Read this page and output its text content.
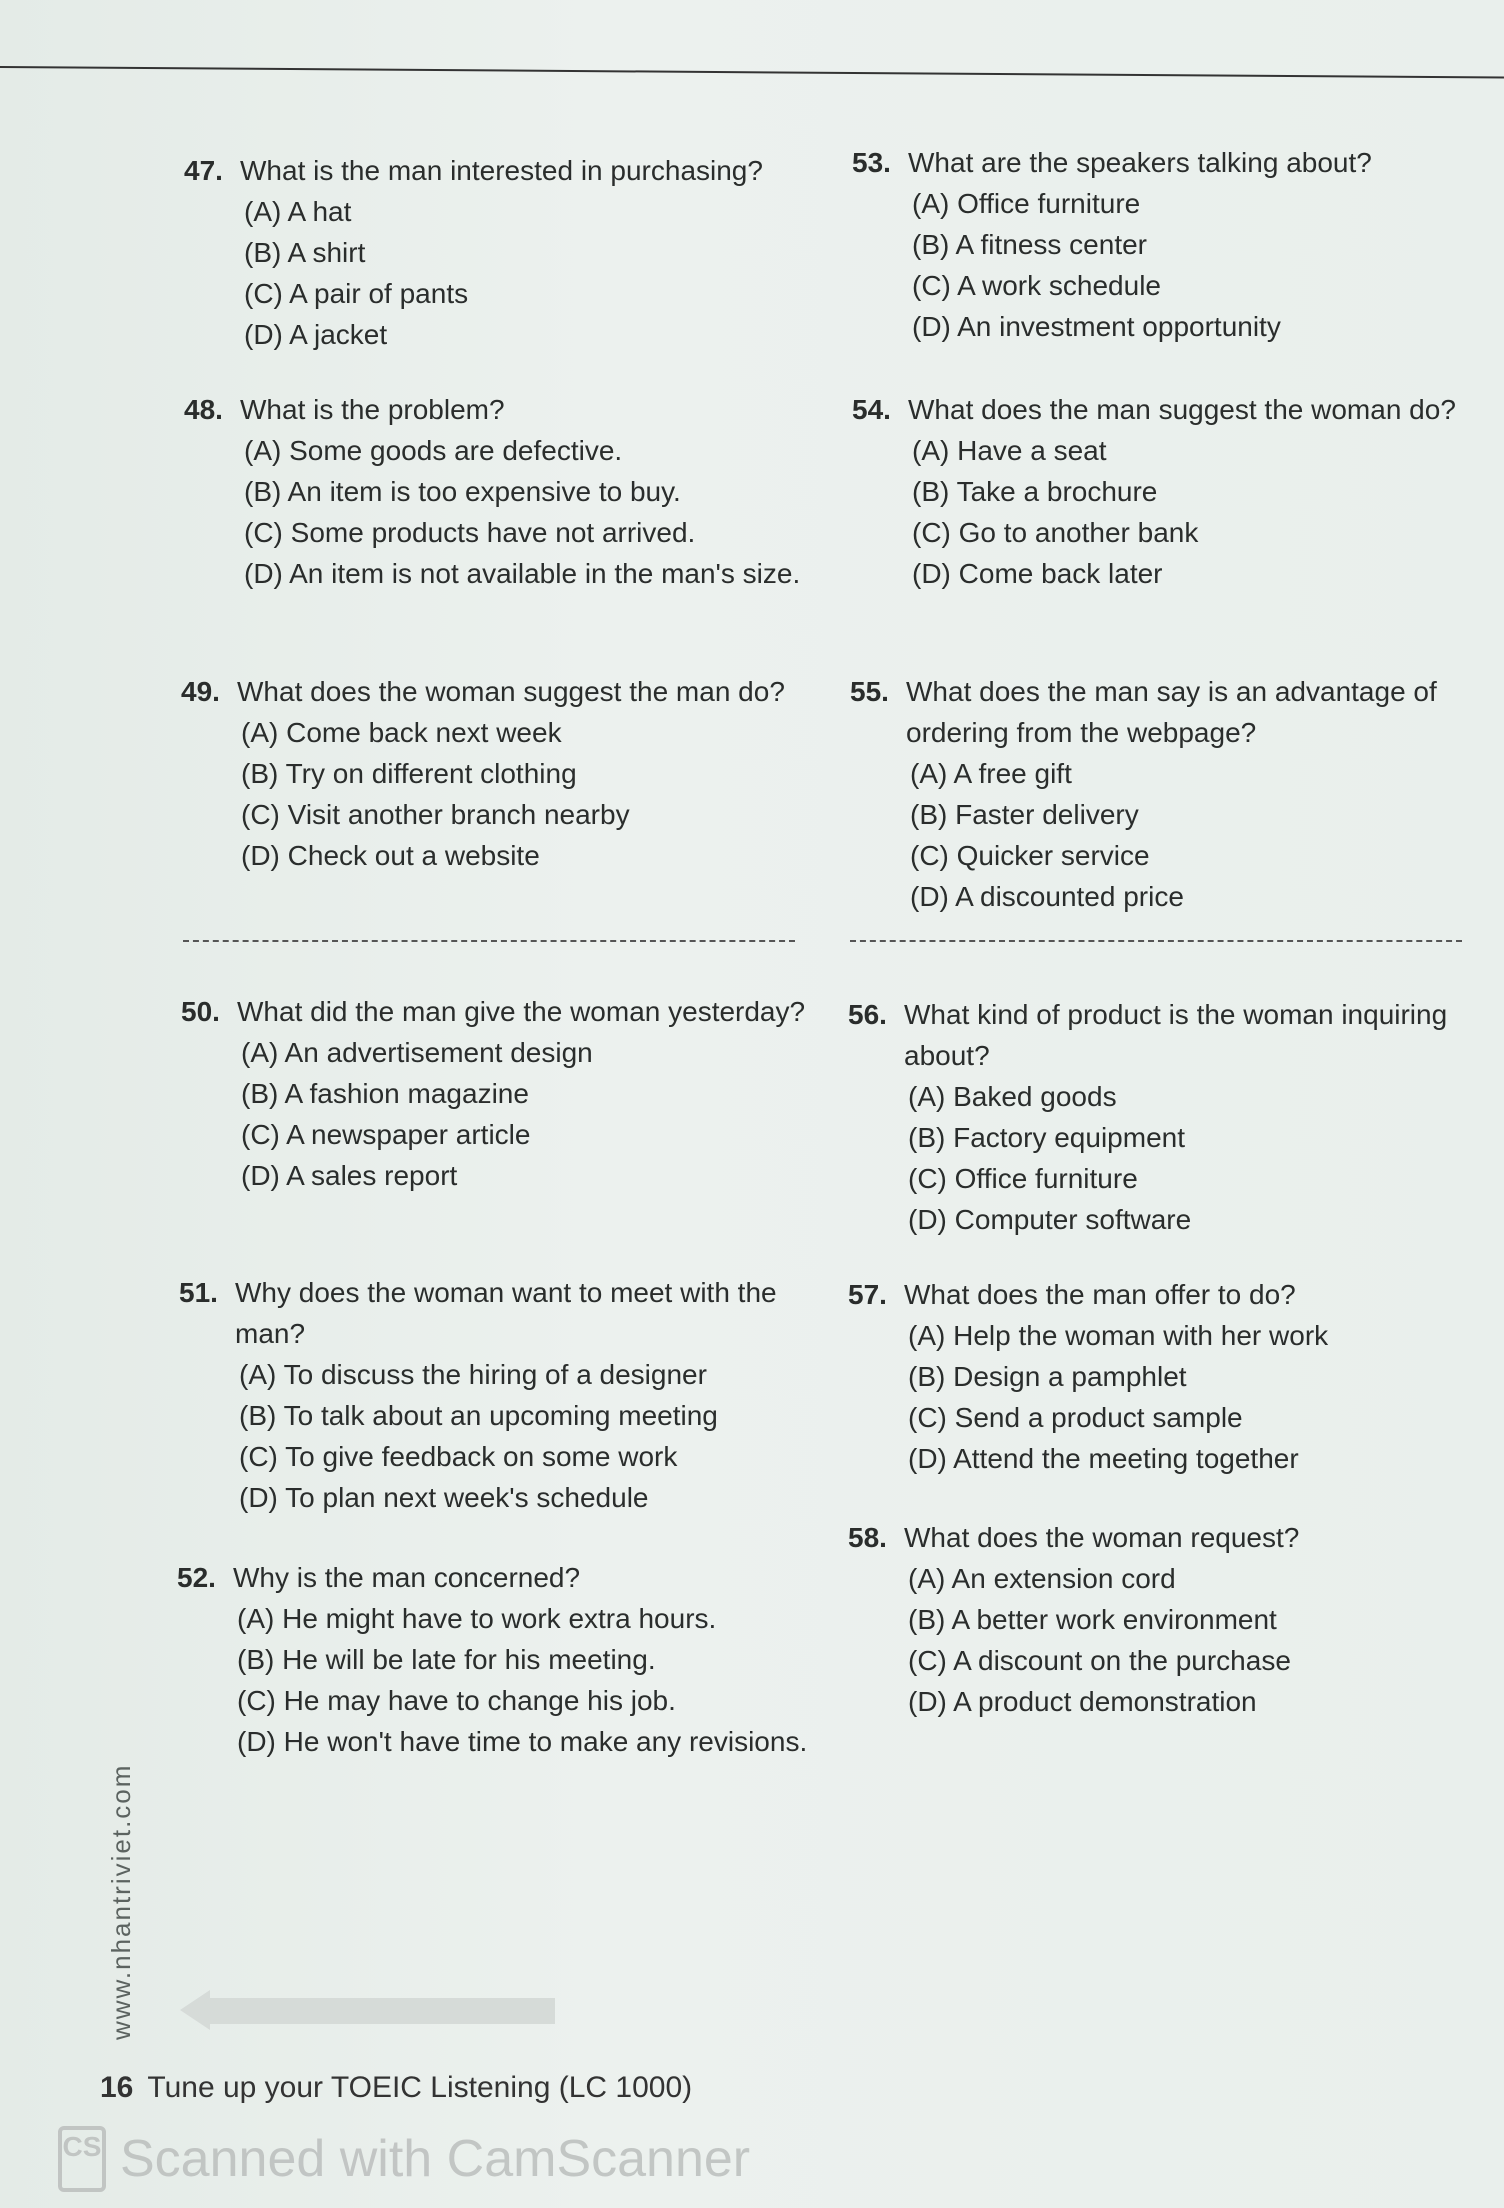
47. What is the man interested in purchasing?
(A) A hat
(B) A shirt
(C) A pair of pants
(D) A jacket
48. What is the problem?
(A) Some goods are defective.
(B) An item is too expensive to buy.
(C) Some products have not arrived.
(D) An item is not available in the man's size.
49. What does the woman suggest the man do?
(A) Come back next week
(B) Try on different clothing
(C) Visit another branch nearby
(D) Check out a website
50. What did the man give the woman yesterday?
(A) An advertisement design
(B) A fashion magazine
(C) A newspaper article
(D) A sales report
51. Why does the woman want to meet with the man?
(A) To discuss the hiring of a designer
(B) To talk about an upcoming meeting
(C) To give feedback on some work
(D) To plan next week's schedule
52. Why is the man concerned?
(A) He might have to work extra hours.
(B) He will be late for his meeting.
(C) He may have to change his job.
(D) He won't have time to make any revisions.
53. What are the speakers talking about?
(A) Office furniture
(B) A fitness center
(C) A work schedule
(D) An investment opportunity
54. What does the man suggest the woman do?
(A) Have a seat
(B) Take a brochure
(C) Go to another bank
(D) Come back later
55. What does the man say is an advantage of ordering from the webpage?
(A) A free gift
(B) Faster delivery
(C) Quicker service
(D) A discounted price
56. What kind of product is the woman inquiring about?
(A) Baked goods
(B) Factory equipment
(C) Office furniture
(D) Computer software
57. What does the man offer to do?
(A) Help the woman with her work
(B) Design a pamphlet
(C) Send a product sample
(D) Attend the meeting together
58. What does the woman request?
(A) An extension cord
(B) A better work environment
(C) A discount on the purchase
(D) A product demonstration
www.nhantriviet.com
16 Tune up your TOEIC Listening (LC 1000)
CS Scanned with CamScanner
